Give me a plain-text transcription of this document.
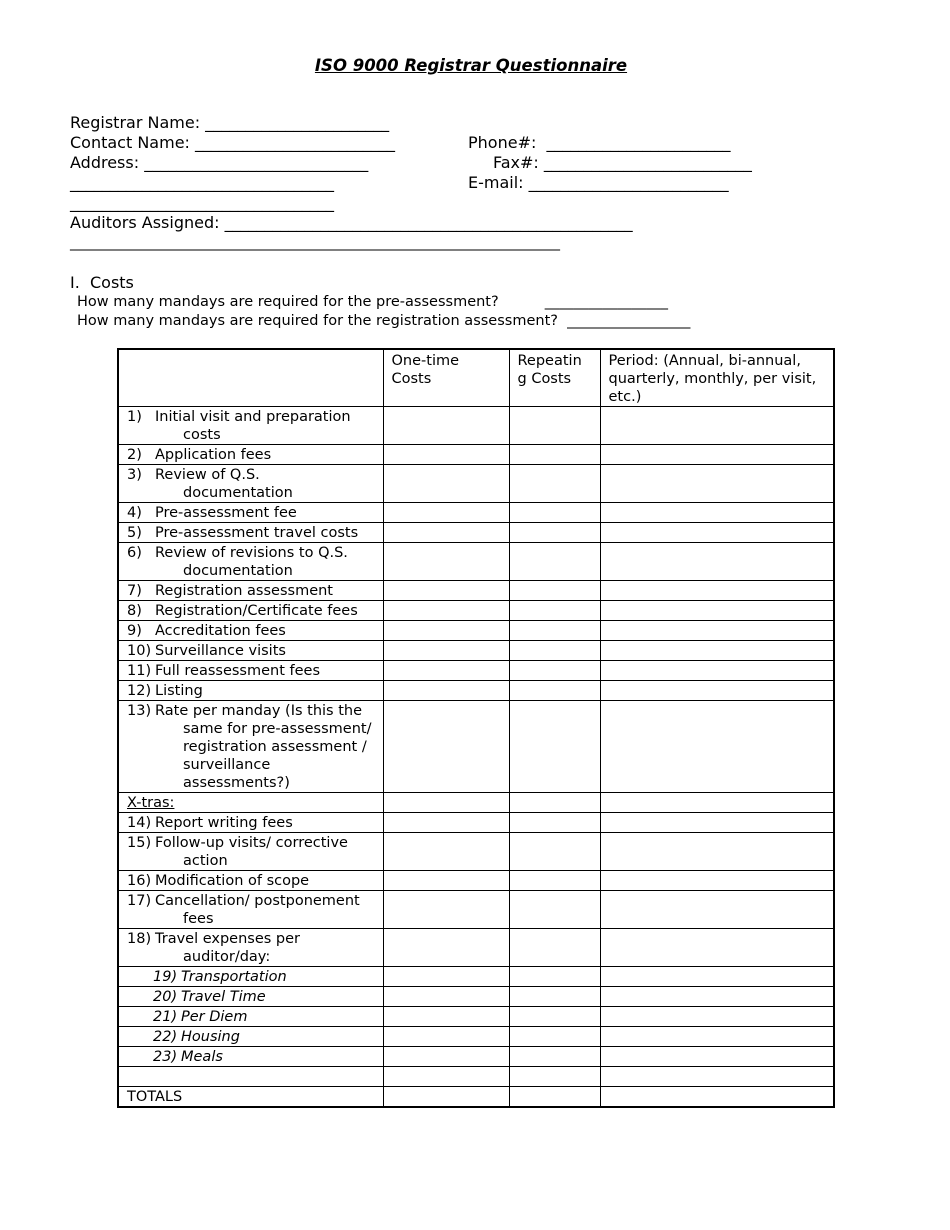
ISO 9000 Registrar Questionnaire
Registrar Name: _______________________
Contact Name: _________________________	Phone#:  _______________________
Address: ____________________________	Fax#: __________________________
_________________________________	E-mail: _________________________
_________________________________
Auditors Assigned: ___________________________________________________
______________________________________________________________________
I.  Costs
How many mandays are required for the pre-assessment?          _________________
How many mandays are required for the registration assessment?  _________________
	One-time Costs	Repeatin g Costs	Period: (Annual, bi-annual, quarterly, monthly, per visit, etc.)
1) Initial visit and preparation costs			
2) Application fees			
3) Review of Q.S. documentation			
4) Pre-assessment fee			
5) Pre-assessment travel costs			
6) Review of revisions to Q.S. documentation			
7) Registration assessment			
8) Registration/Certificate fees			
9) Accreditation fees			
10) Surveillance visits			
11) Full reassessment fees			
12) Listing			
13) Rate per manday (Is this the same for pre-assessment/ registration assessment / surveillance assessments?)			
X-tras:			
14) Report writing fees			
15) Follow-up visits/ corrective action			
16) Modification of scope			
17) Cancellation/ postponement fees			
18) Travel expenses per auditor/day:			
19) Transportation			
20) Travel Time			
21) Per Diem			
22) Housing			
23) Meals			

TOTALS			
